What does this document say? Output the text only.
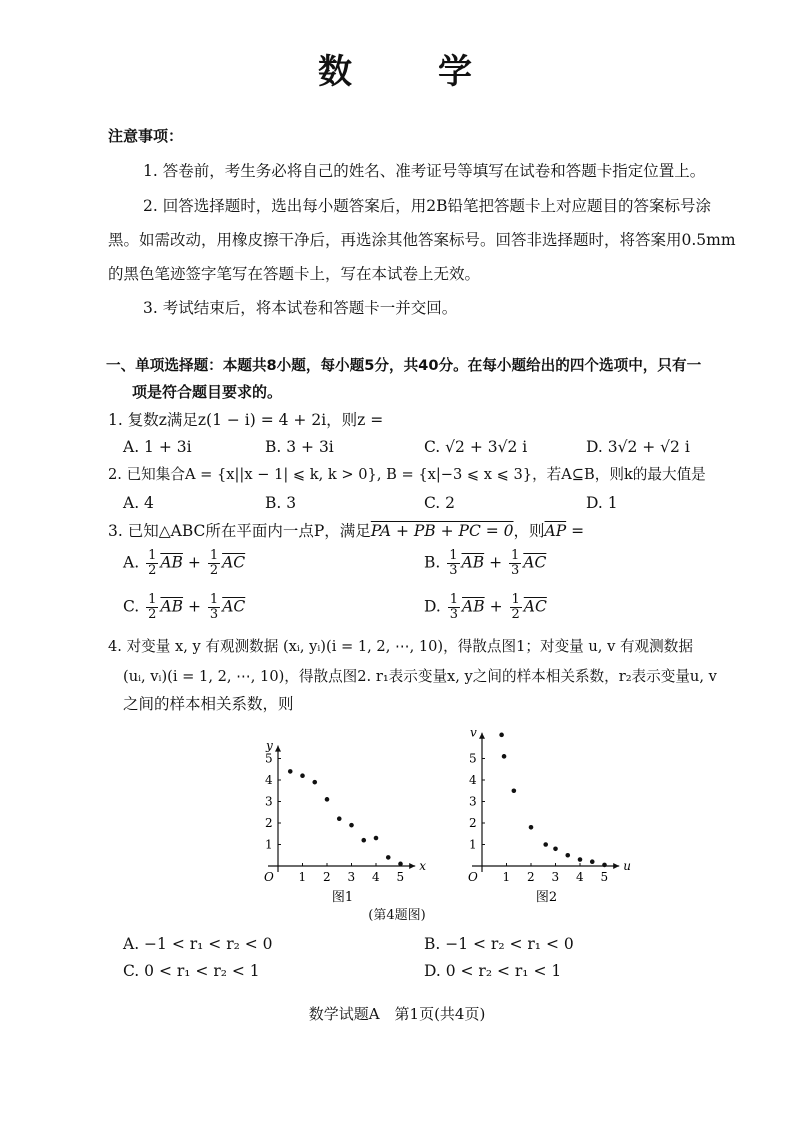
数　学
注意事项：
1. 答卷前，考生务必将自己的姓名、准考证号等填写在试卷和答题卡指定位置上。
2. 回答选择题时，选出每小题答案后，用2B铅笔把答题卡上对应题目的答案标号涂
黑。如需改动，用橡皮擦干净后，再选涂其他答案标号。回答非选择题时，将答案用0.5mm
的黑色笔迹签字笔写在答题卡上，写在本试卷上无效。
3. 考试结束后，将本试卷和答题卡一并交回。
一、单项选择题：本题共8小题，每小题5分，共40分。在每小题给出的四个选项中，只有一
项是符合题目要求的。
1. 复数z满足z(1 − i) = 4 + 2i，则z =
A. 1 + 3i	B. 3 + 3i	C. √2 + 3√2 i	D. 3√2 + √2 i
2. 已知集合A = {x||x − 1| ⩽ k, k > 0}, B = {x|−3 ⩽ x ⩽ 3}，若A⊆B，则k的最大值是
A. 4	B. 3	C. 2	D. 1
3. 已知△ABC所在平面内一点P，满足PA + PB + PC = 0，则$\overline{AP}$ =
A. $\frac{1}{2} \overline{AB} + \frac{1}{2} \overline{AC}$	B. $\frac{1}{3} \overline{AB} + \frac{1}{3} \overline{AC}$
C. $\frac{1}{2} \overline{AB} + \frac{1}{3} \overline{AC}$	D. $\frac{1}{3} \overline{AB} + \frac{1}{2} \overline{AC}$
4. 对变量 x, y 有观测数据 (xᵢ, yᵢ)(i = 1, 2, ⋯, 10)，得散点图1；对变量 u, v 有观测数据
(uᵢ, vᵢ)(i = 1, 2, ⋯, 10)，得散点图2. r₁表示变量x, y之间的样本相关系数，r₂表示变量u, v
之间的样本相关系数，则
x
y
O 1 2 3 4 5
1
2
3
4
5
图1
u
v
O 1 2 3 4 5
1
2
3
4
5
图2
(第4题图)
A. −1 < r₁ < r₂ < 0	B. −1 < r₂ < r₁ < 0
C. 0 < r₁ < r₂ < 1	D. 0 < r₂ < r₁ < 1
数学试题A　第1页(共4页)
